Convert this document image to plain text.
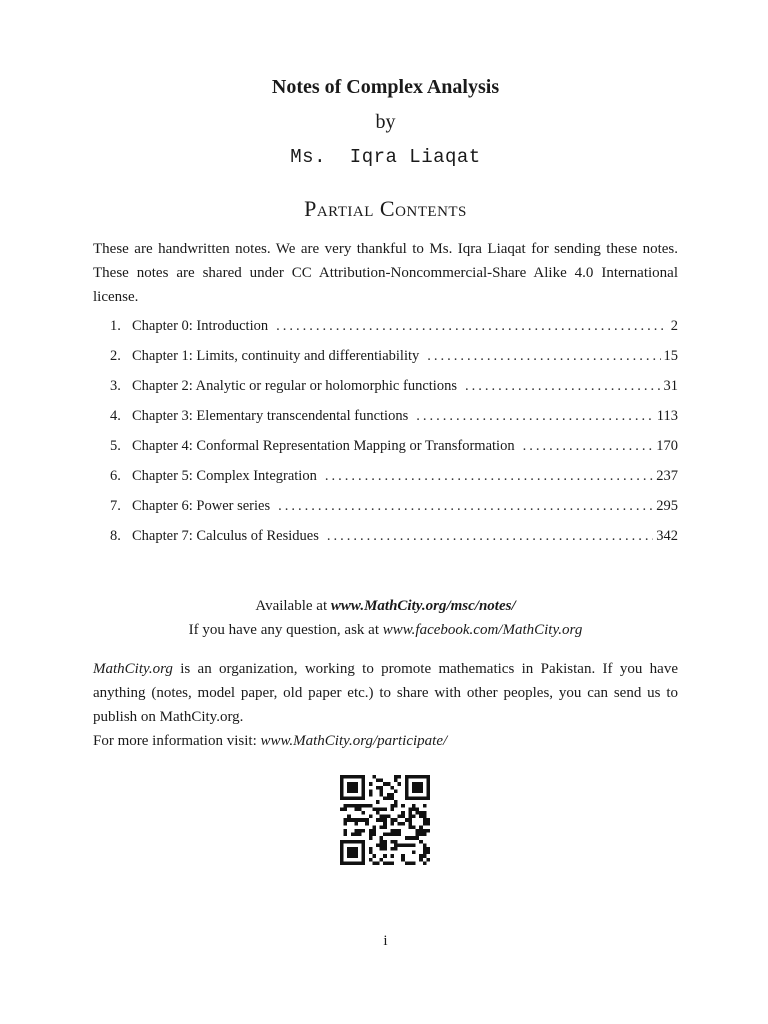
Notes of Complex Analysis
by
Ms.  Iqra Liaqat
Partial Contents

These are handwritten notes. We are very thankful to Ms. Iqra Liaqat for sending these notes. These notes are shared under CC Attribution-Noncommercial-Share Alike 4.0 International license.

1. Chapter 0: Introduction .....	2
2. Chapter 1: Limits, continuity and differentiability .....	15
3. Chapter 2: Analytic or regular or holomorphic functions .....	31
4. Chapter 3: Elementary transcendental functions .....	113
5. Chapter 4: Conformal Representation Mapping or Transformation .....	170
6. Chapter 5: Complex Integration .....	237
7. Chapter 6: Power series .....	295
8. Chapter 7: Calculus of Residues .....	342
Available at www.MathCity.org/msc/notes/
If you have any question, ask at www.facebook.com/MathCity.org

MathCity.org is an organization, working to promote mathematics in Pakistan. If you have anything (notes, model paper, old paper etc.) to share with other peoples, you can send us to publish on MathCity.org.
For more information visit: www.MathCity.org/participate/

i
